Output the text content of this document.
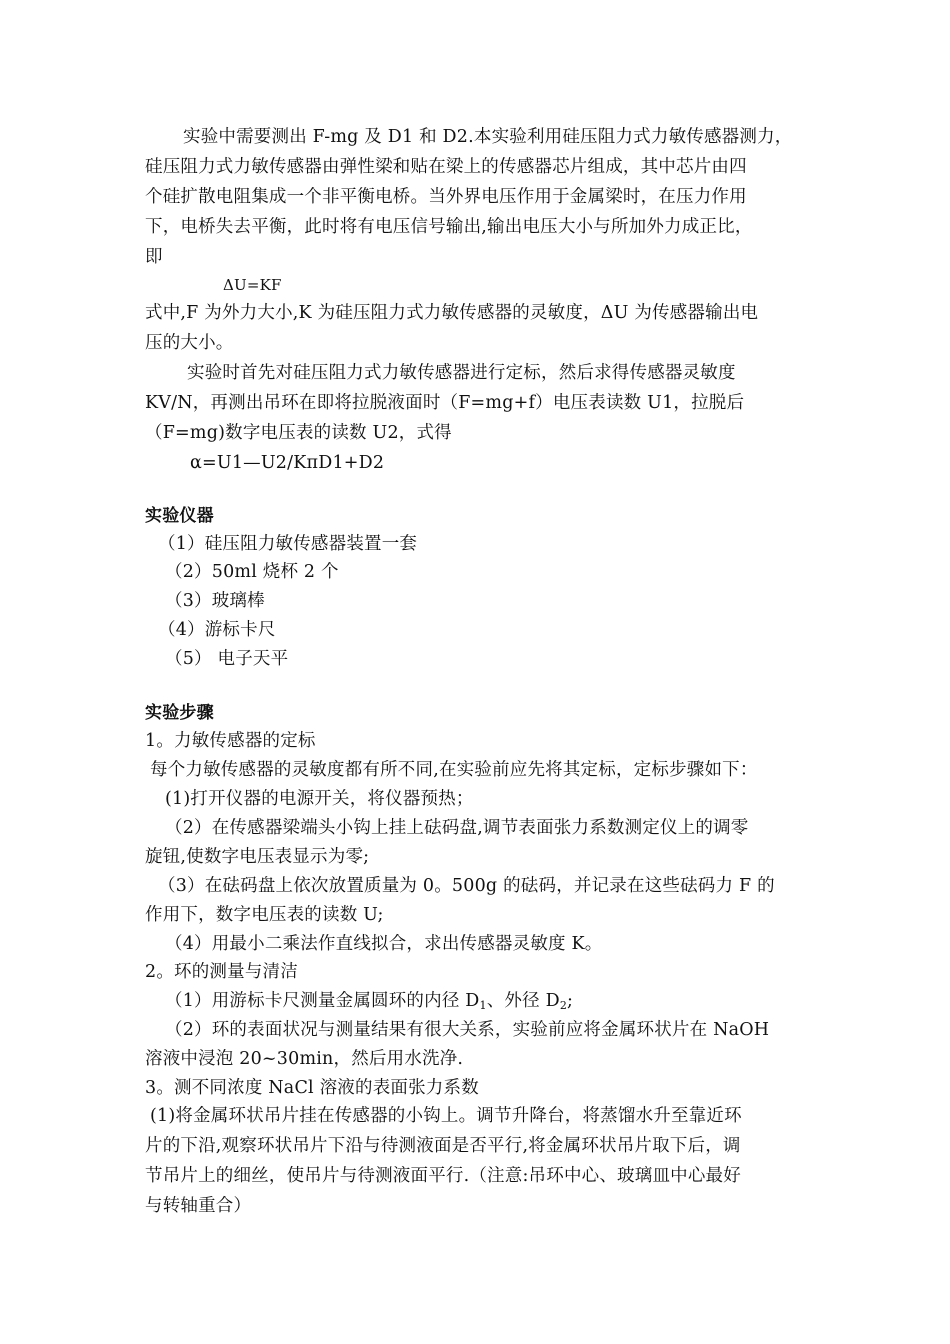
实验中需要测出 F-mg 及 D1 和 D2.本实验利用硅压阻力式力敏传感器测力，
硅压阻力式力敏传感器由弹性梁和贴在梁上的传感器芯片组成，其中芯片由四
个硅扩散电阻集成一个非平衡电桥。当外界电压作用于金属梁时，在压力作用
下，电桥失去平衡，此时将有电压信号输出,输出电压大小与所加外力成正比，
即
ΔU=KF
式中,F 为外力大小,K 为硅压阻力式力敏传感器的灵敏度，ΔU 为传感器输出电
压的大小。
实验时首先对硅压阻力式力敏传感器进行定标，然后求得传感器灵敏度
KV/N，再测出吊环在即将拉脱液面时（F=mg+f）电压表读数 U1，拉脱后
（F=mg)数字电压表的读数 U2，式得
α=U1—U2/KπD1+D2
实验仪器
（1）硅压阻力敏传感器装置一套
（2）50ml 烧杯 2 个
（3）玻璃棒
（4）游标卡尺
（5） 电子天平
实验步骤
1。力敏传感器的定标
每个力敏传感器的灵敏度都有所不同,在实验前应先将其定标，定标步骤如下：
(1)打开仪器的电源开关，将仪器预热；
（2）在传感器梁端头小钩上挂上砝码盘,调节表面张力系数测定仪上的调零
旋钮,使数字电压表显示为零;
（3）在砝码盘上依次放置质量为 0。500g 的砝码，并记录在这些砝码力 F 的
作用下，数字电压表的读数 U;
（4）用最小二乘法作直线拟合，求出传感器灵敏度 K。
2。环的测量与清洁
（1）用游标卡尺测量金属圆环的内径 $D_1$、外径 $D_2$;
（2）环的表面状况与测量结果有很大关系，实验前应将金属环状片在 NaOH
溶液中浸泡 20~30min，然后用水洗净.
3。测不同浓度 NaCl 溶液的表面张力系数
(1)将金属环状吊片挂在传感器的小钩上。调节升降台，将蒸馏水升至靠近环
片的下沿,观察环状吊片下沿与待测液面是否平行,将金属环状吊片取下后，调
节吊片上的细丝，使吊片与待测液面平行.（注意:吊环中心、玻璃皿中心最好
与转轴重合）
